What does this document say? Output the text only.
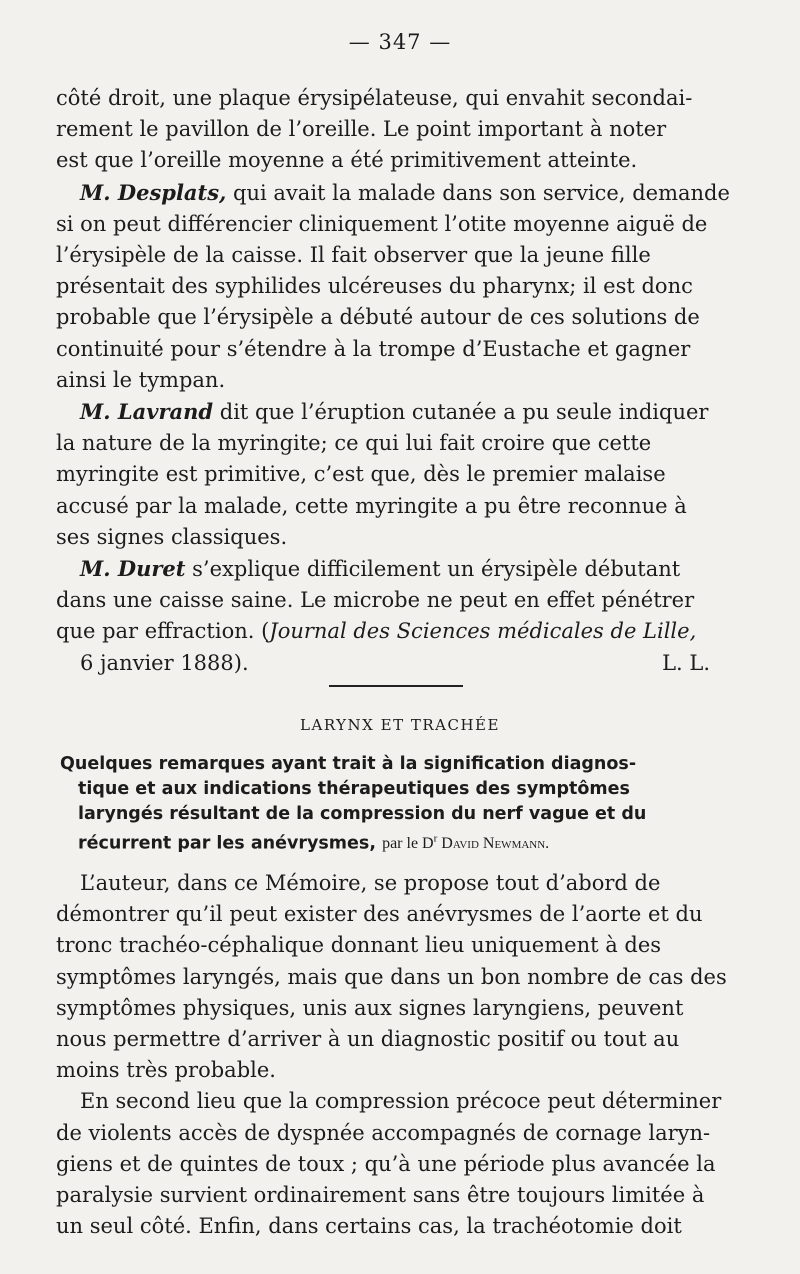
— 347 —

côté droit, une plaque érysipélateuse, qui envahit secondai-
rement le pavillon de l’oreille. Le point important à noter
est que l’oreille moyenne a été primitivement atteinte.

M. Desplats, qui avait la malade dans son service, demande
si on peut différencier cliniquement l’otite moyenne aiguë de
l’érysipèle de la caisse. Il fait observer que la jeune fille
présentait des syphilides ulcéreuses du pharynx; il est donc
probable que l’érysipèle a débuté autour de ces solutions de
continuité pour s’étendre à la trompe d’Eustache et gagner
ainsi le tympan.

M. Lavrand dit que l’éruption cutanée a pu seule indiquer
la nature de la myringite; ce qui lui fait croire que cette
myringite est primitive, c’est que, dès le premier malaise
accusé par la malade, cette myringite a pu être reconnue à
ses signes classiques.

M. Duret s’explique difficilement un érysipèle débutant
dans une caisse saine. Le microbe ne peut en effet pénétrer
que par effraction. (Journal des Sciences médicales de Lille,

6 janvier 1888).	L. L.

LARYNX ET TRACHÉE
Quelques remarques ayant trait à la signification diagnos-

tique et aux indications thérapeutiques des symptômes
laryngés résultant de la compression du nerf vague et du
récurrent par les anévrysmes, par le $D^r$ David Newmann.

L’auteur, dans ce Mémoire, se propose tout d’abord de
démontrer qu’il peut exister des anévrysmes de l’aorte et du
tronc trachéo-céphalique donnant lieu uniquement à des
symptômes laryngés, mais que dans un bon nombre de cas des
symptômes physiques, unis aux signes laryngiens, peuvent
nous permettre d’arriver à un diagnostic positif ou tout au
moins très probable.

En second lieu que la compression précoce peut déterminer
de violents accès de dyspnée accompagnés de cornage laryn-
giens et de quintes de toux ; qu’à une période plus avancée la
paralysie survient ordinairement sans être toujours limitée à
un seul côté. Enfin, dans certains cas, la trachéotomie doit
